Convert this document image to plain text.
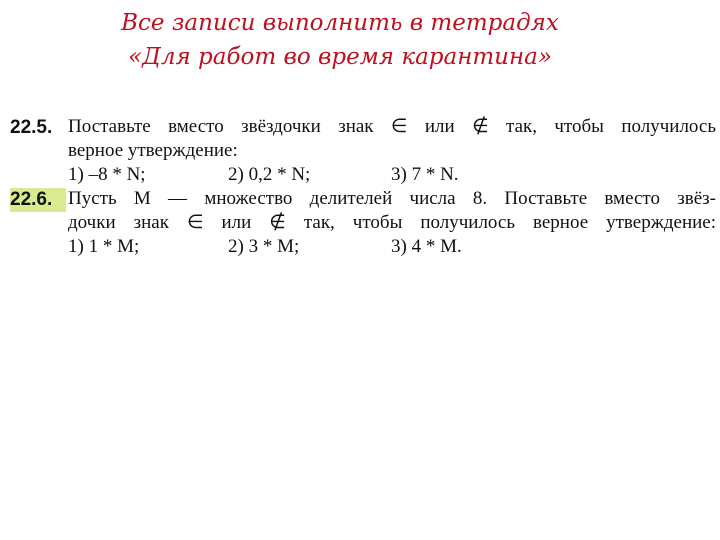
Все записи выполнить в тетрадях
«Для работ во время карантина»
22.5. Поставьте вместо звёздочки знак ∈ или ∉ так, чтобы получилось
верное утверждение:
1) –8 * N;	2) 0,2 * N;	3) 7 * N.
22.6. Пусть M — множество делителей числа 8. Поставьте вместо звёз-
дочки знак ∈ или ∉ так, чтобы получилось верное утверждение:
1) 1 * M;	2) 3 * M;	3) 4 * M.
